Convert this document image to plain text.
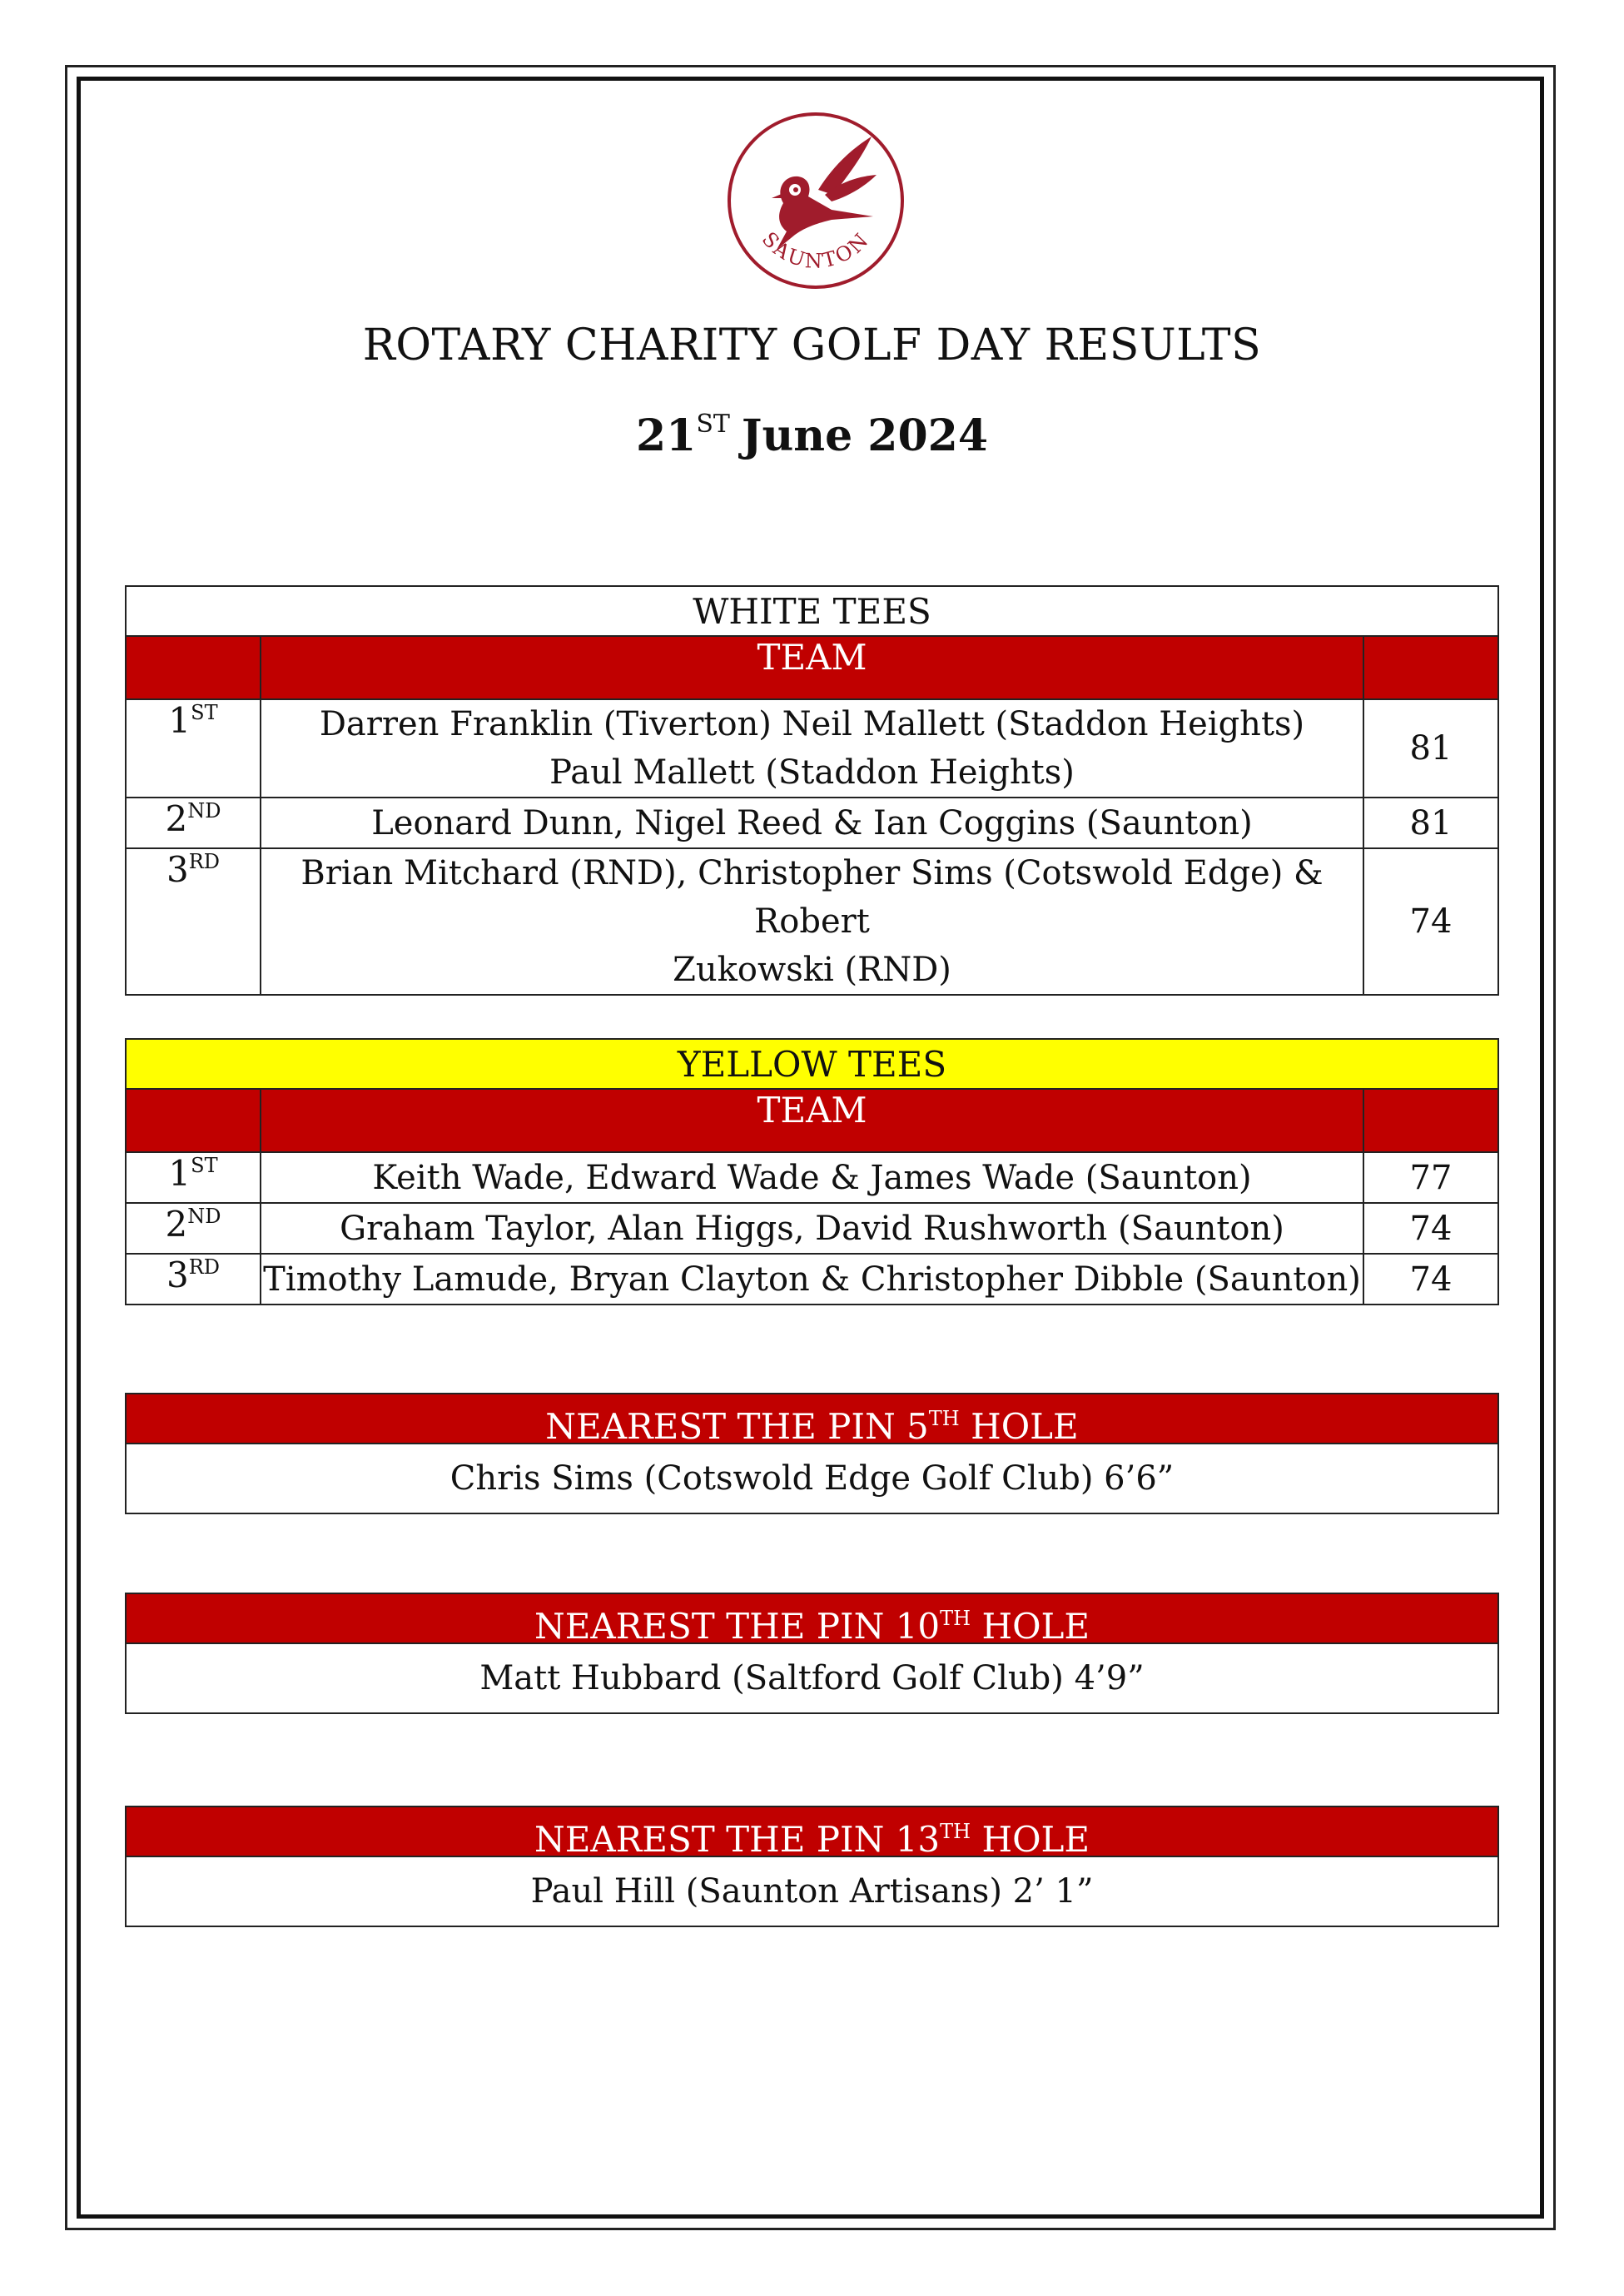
SAUNTON
ROTARY CHARITY GOLF DAY RESULTS
21ST June 2024
WHITE TEES		
	TEAM	
1ST	Darren Franklin (Tiverton) Neil Mallett (Staddon Heights)
Paul Mallett (Staddon Heights)	81
2ND	Leonard Dunn, Nigel Reed & Ian Coggins (Saunton)	81
3RD	Brian Mitchard (RND), Christopher Sims (Cotswold Edge) & Robert
Zukowski (RND)	74
YELLOW TEES		
	TEAM	
1ST	Keith Wade, Edward Wade & James Wade (Saunton)	77
2ND	Graham Taylor, Alan Higgs, David Rushworth (Saunton)	74
3RD	Timothy Lamude, Bryan Clayton & Christopher Dibble (Saunton)	74
NEAREST THE PIN 5TH HOLE
Chris Sims (Cotswold Edge Golf Club) 6’6”
NEAREST THE PIN 10TH HOLE
Matt Hubbard (Saltford Golf Club) 4’9”
NEAREST THE PIN 13TH HOLE
Paul Hill (Saunton Artisans) 2’ 1”
